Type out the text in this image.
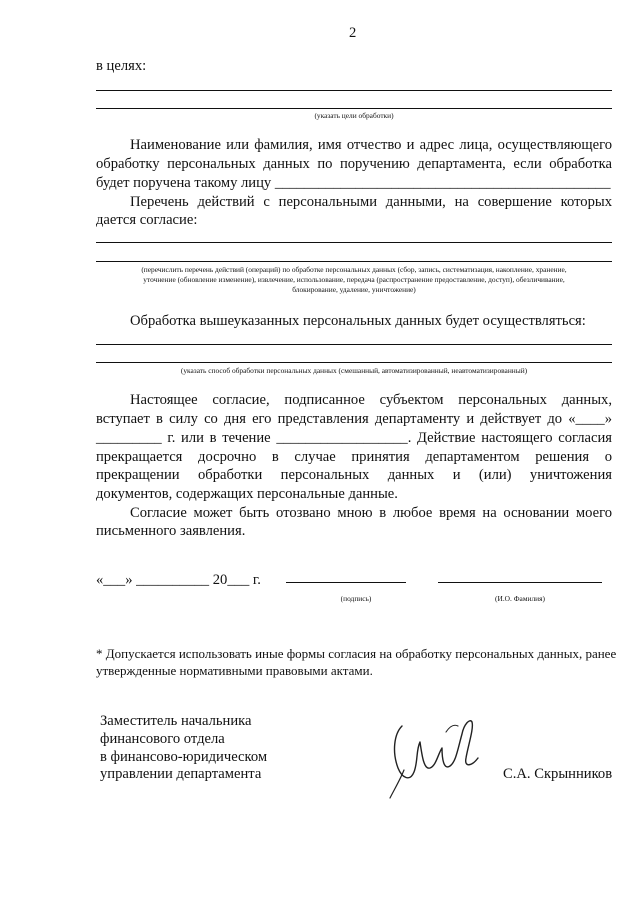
2
в целях:
(указать цели обработки)
Наименование или фамилия, имя отчество и адрес лица, осуществляющего
обработку персональных данных по поручению департамента, если обработка
будет поручена такому лицу ______________________________________________
Перечень действий с персональными данными, на совершение которых
дается согласие:
(перечислить перечень действий (операций) по обработке персональных данных (сбор, запись, систематизация, накопление, хранение,
уточнение (обновление изменение), извлечение, использование, передача (распространение предоставление, доступ), обезличивание,
блокирование, удаление, уничтожение)
Обработка вышеуказанных персональных данных будет осуществляться:
(указать способ обработки персональных данных (смешанный, автоматизированный, неавтоматизированный)
Настоящее согласие, подписанное субъектом персональных данных,
вступает в силу со дня его представления департаменту и действует до «____»
_________ г. или в течение __________________. Действие настоящего согласия
прекращается досрочно в случае принятия департаментом решения о
прекращении обработки персональных данных и (или) уничтожения
документов, содержащих персональные данные.
Согласие может быть отозвано мною в любое время на основании моего
письменного заявления.
«___» __________ 20___ г.
(подпись)	(И.О. Фамилия)
* Допускается использовать иные формы согласия на обработку персональных данных, ранее
утвержденные нормативными правовыми актами.
Заместитель начальника
финансового отдела
в финансово-юридическом
управлении департамента	С.А. Скрынников
